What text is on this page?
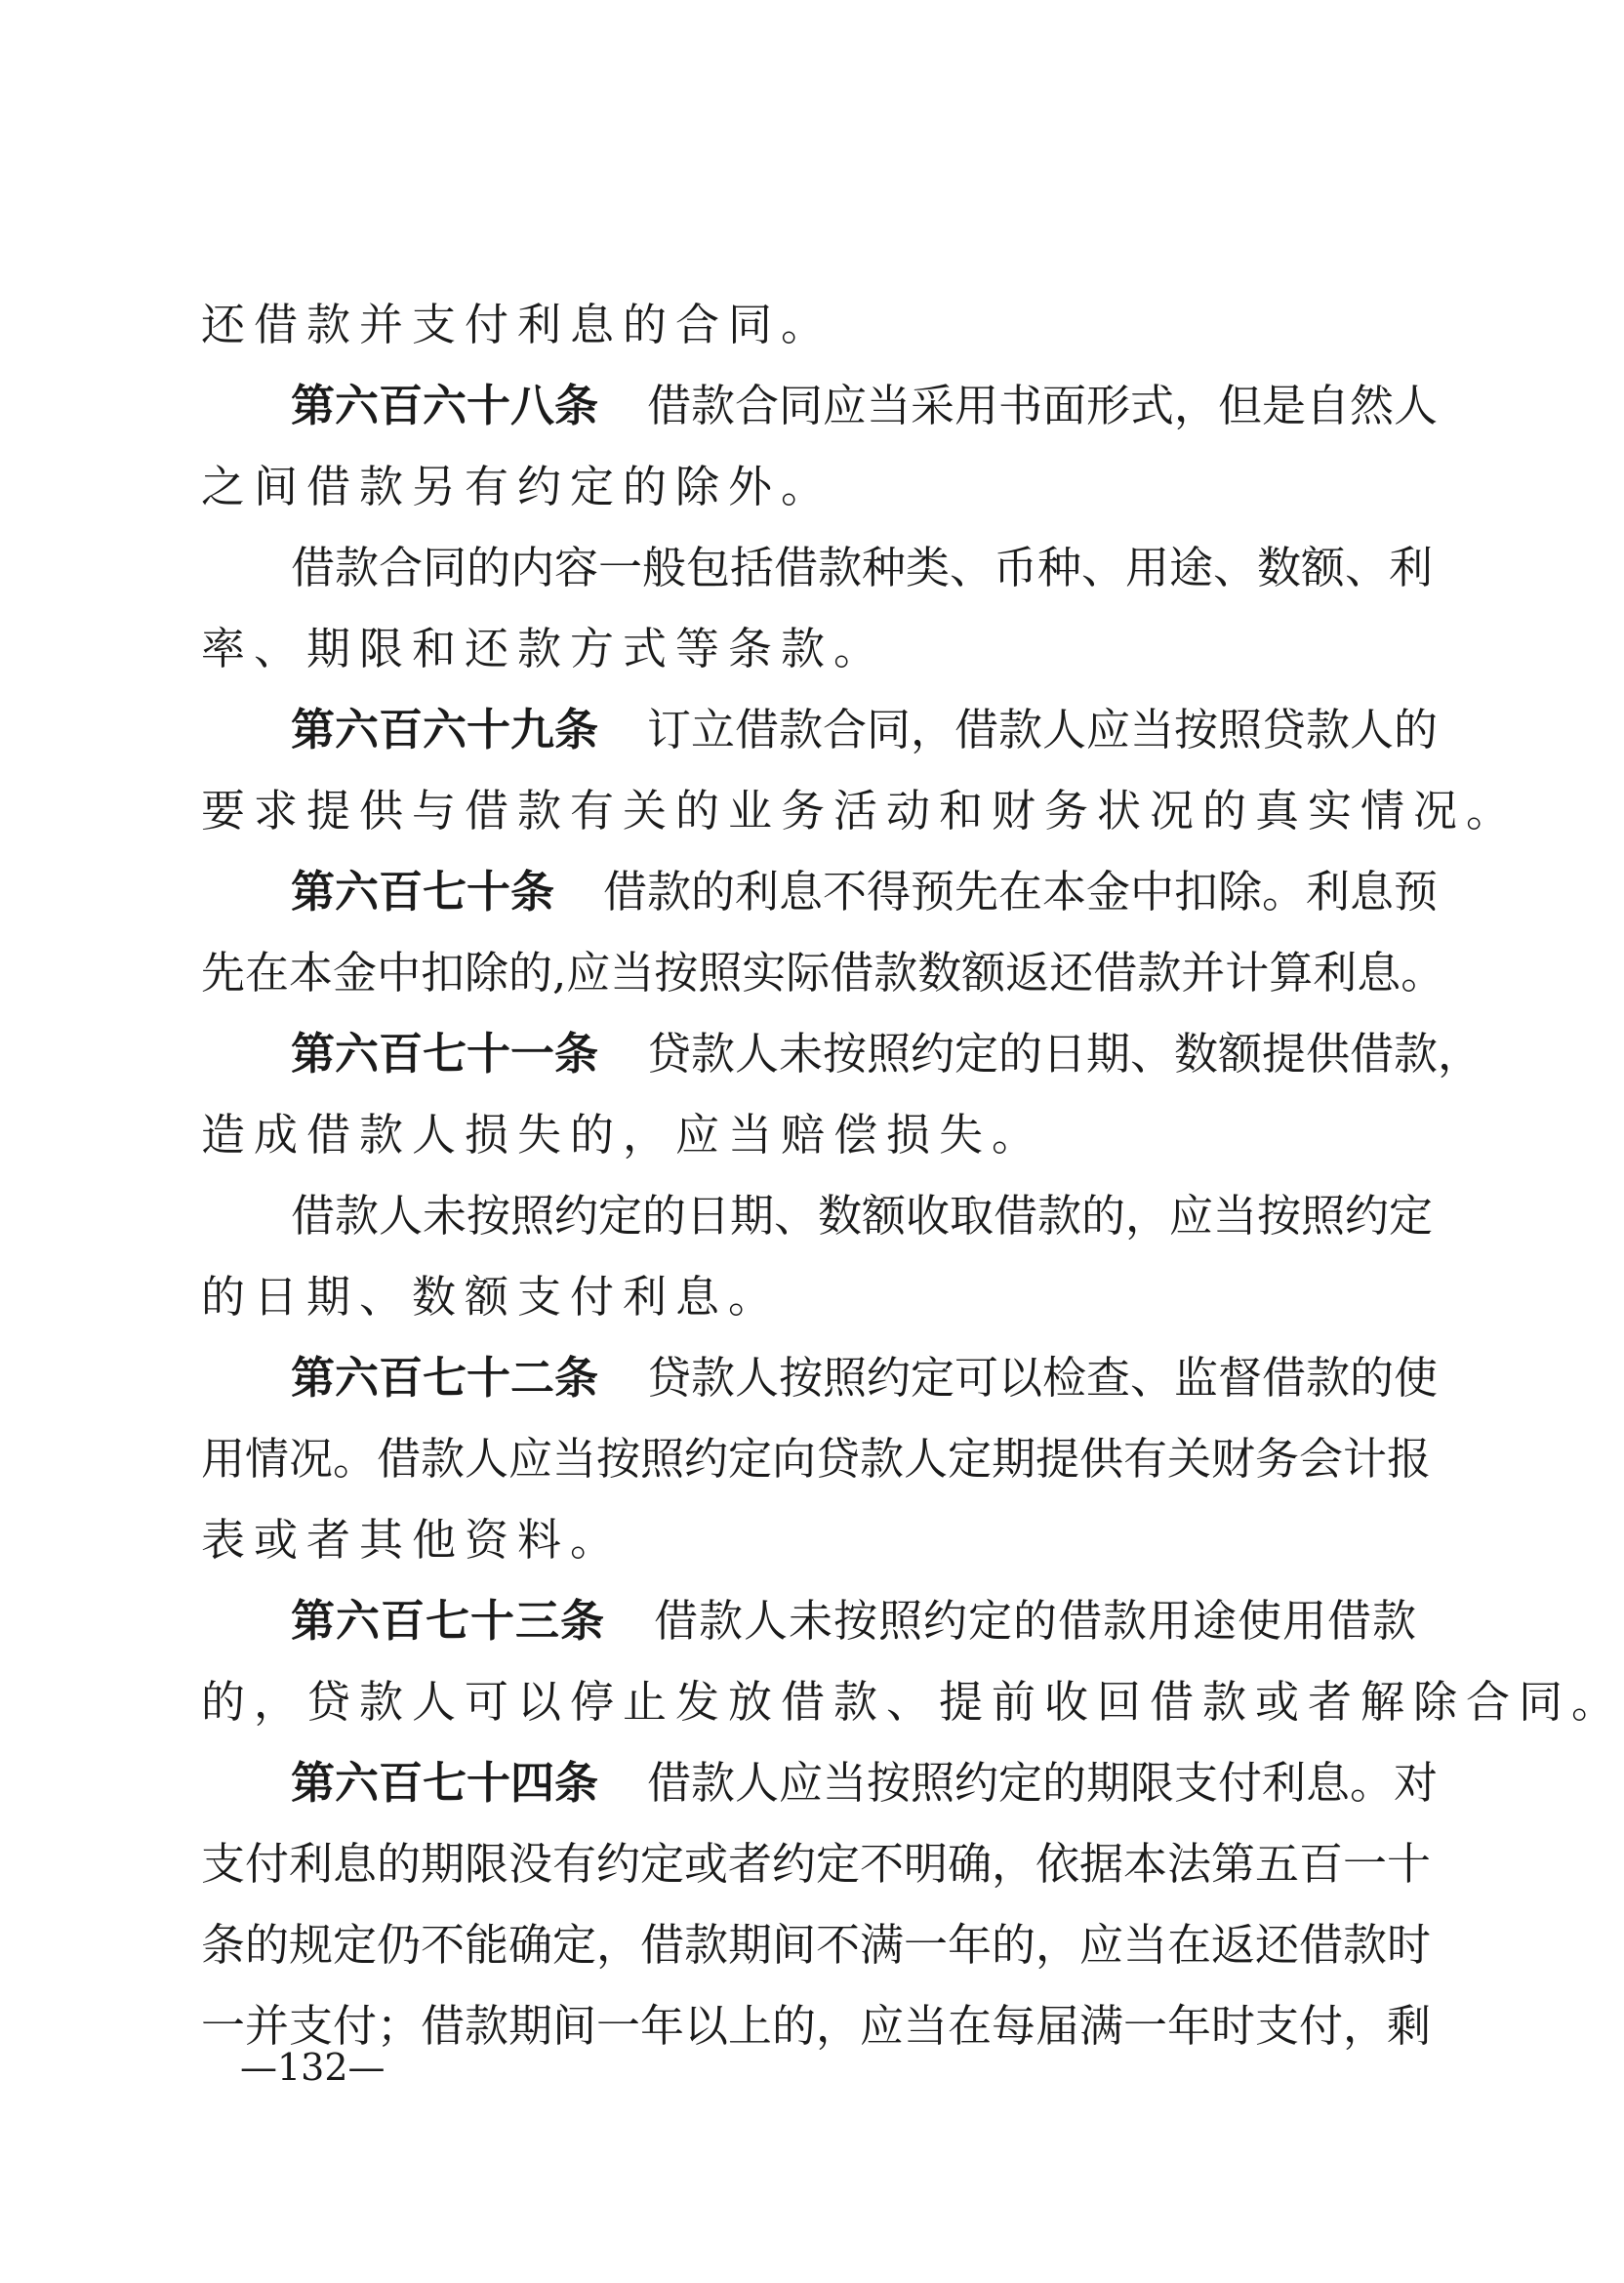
还借款并支付利息的合同。
第六百六十八条 借款合同应当采用书面形式，但是自然人
之间借款另有约定的除外。
借款合同的内容一般包括借款种类、币种、用途、数额、利
率、期限和还款方式等条款。
第六百六十九条 订立借款合同，借款人应当按照贷款人的
要求提供与借款有关的业务活动和财务状况的真实情况。
第六百七十条 借款的利息不得预先在本金中扣除。利息预
先在本金中扣除的,应当按照实际借款数额返还借款并计算利息。
第六百七十一条 贷款人未按照约定的日期、数额提供借款，
造成借款人损失的，应当赔偿损失。
借款人未按照约定的日期、数额收取借款的，应当按照约定
的日期、数额支付利息。
第六百七十二条 贷款人按照约定可以检查、监督借款的使
用情况。借款人应当按照约定向贷款人定期提供有关财务会计报
表或者其他资料。
第六百七十三条 借款人未按照约定的借款用途使用借款
的，贷款人可以停止发放借款、提前收回借款或者解除合同。
第六百七十四条 借款人应当按照约定的期限支付利息。对
支付利息的期限没有约定或者约定不明确，依据本法第五百一十
条的规定仍不能确定，借款期间不满一年的，应当在返还借款时
一并支付；借款期间一年以上的，应当在每届满一年时支付，剩
—132—
